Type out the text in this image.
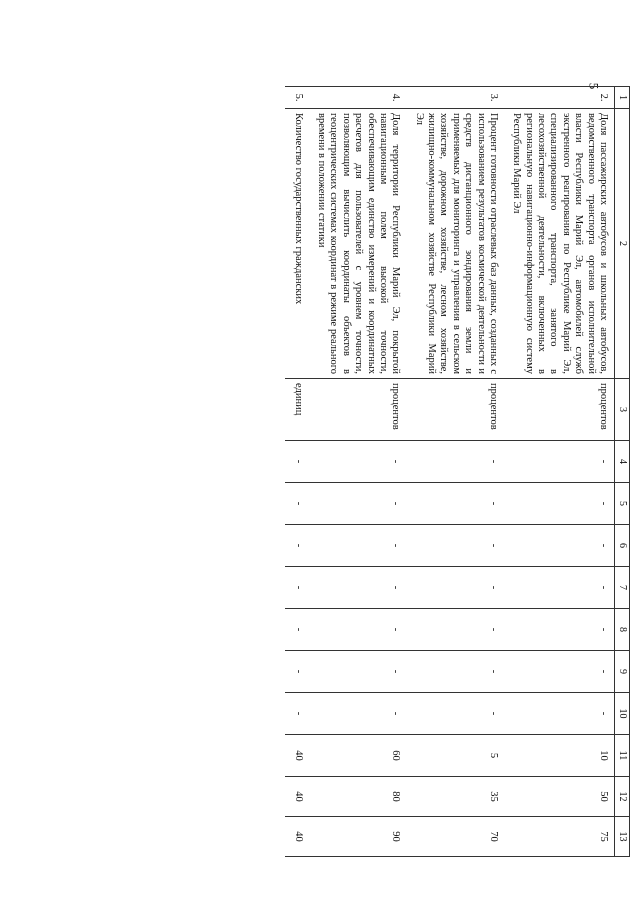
5
1	2	3	4	5	6	7	8	9	10	11	12	13
2.	Доля пассажирских автобусов и школьных автобусов, ведомственного транспорта органов исполнительной власти Республики Марий Эл, автомобилей служб экстренного реагирования по Республике Марий Эл, специализированного транспорта, занятого в лесохозяйственной деятельности, включенных в региональную навигационно-информационную систему Республики Марий Эл	процентов	-	-	-	-	-	-	-	10	50	75
3.	Процент готовности отраслевых баз данных, созданных с использованием результатов космической деятельности и средств дистанционного зондирования земли и применяемых для мониторинга и управления в сельском хозяйстве, дорожном хозяйстве, лесном хозяйстве, жилищно-коммунальном хозяйстве Республики Марий Эл	процентов	-	-	-	-	-	-	-	5	35	70
4.	Доля территории Республики Марий Эл, покрытой навигационным полем высокой точности, обеспечивающим единство измерений и координатных расчетов для пользователей с уровнем точности, позволяющим вычислить координаты объектов в геоцентрических системах координат в режиме реального времени в положении статики	процентов	-	-	-	-	-	-	-	60	80	90
5.	Количество государственных гражданских	единиц	-	-	-	-	-	-	-	40	40	40
